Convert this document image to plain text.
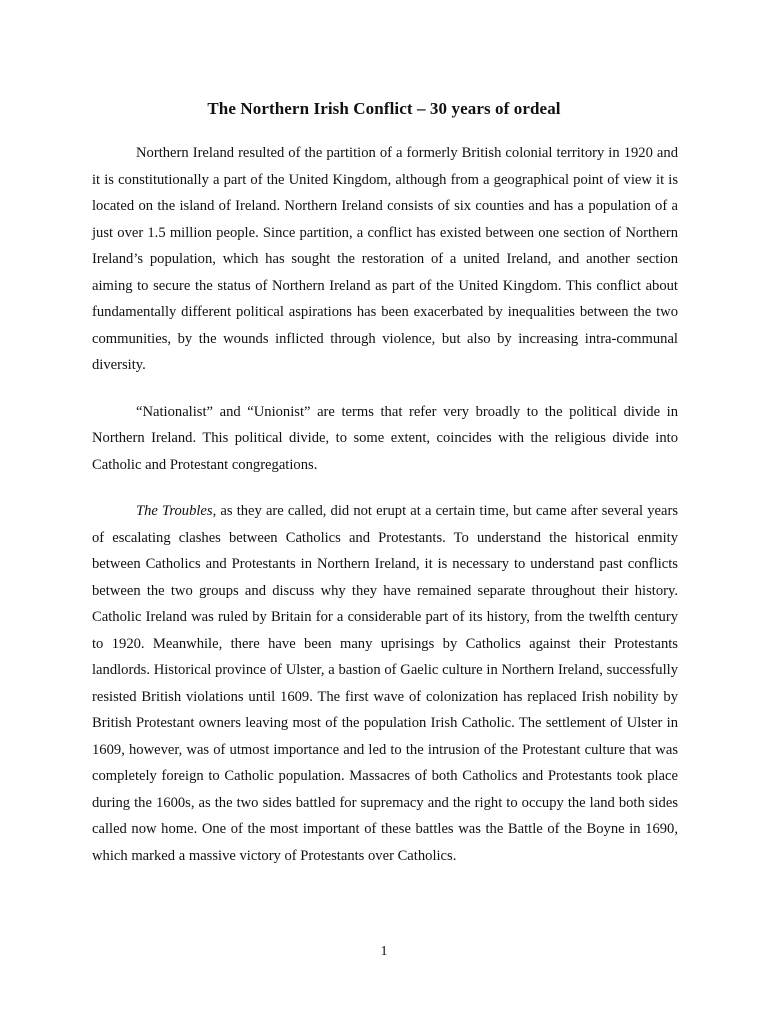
The Northern Irish Conflict – 30 years of ordeal

Northern Ireland resulted of the partition of a formerly British colonial territory in 1920 and it is constitutionally a part of the United Kingdom, although from a geographical point of view it is located on the island of Ireland. Northern Ireland consists of six counties and has a population of a just over 1.5 million people. Since partition, a conflict has existed between one section of Northern Ireland’s population, which has sought the restoration of a united Ireland, and another section aiming to secure the status of Northern Ireland as part of the United Kingdom. This conflict about fundamentally different political aspirations has been exacerbated by inequalities between the two communities, by the wounds inflicted through violence, but also by increasing intra-communal diversity.

“Nationalist” and “Unionist” are terms that refer very broadly to the political divide in Northern Ireland. This political divide, to some extent, coincides with the religious divide into Catholic and Protestant congregations.

The Troubles, as they are called, did not erupt at a certain time, but came after several years of escalating clashes between Catholics and Protestants. To understand the historical enmity between Catholics and Protestants in Northern Ireland, it is necessary to understand past conflicts between the two groups and discuss why they have remained separate throughout their history. Catholic Ireland was ruled by Britain for a considerable part of its history, from the twelfth century to 1920. Meanwhile, there have been many uprisings by Catholics against their Protestants landlords. Historical province of Ulster, a bastion of Gaelic culture in Northern Ireland, successfully resisted British violations until 1609. The first wave of colonization has replaced Irish nobility by British Protestant owners leaving most of the population Irish Catholic. The settlement of Ulster in 1609, however, was of utmost importance and led to the intrusion of the Protestant culture that was completely foreign to Catholic population. Massacres of both Catholics and Protestants took place during the 1600s, as the two sides battled for supremacy and the right to occupy the land both sides called now home. One of the most important of these battles was the Battle of the Boyne in 1690, which marked a massive victory of Protestants over Catholics.

1
